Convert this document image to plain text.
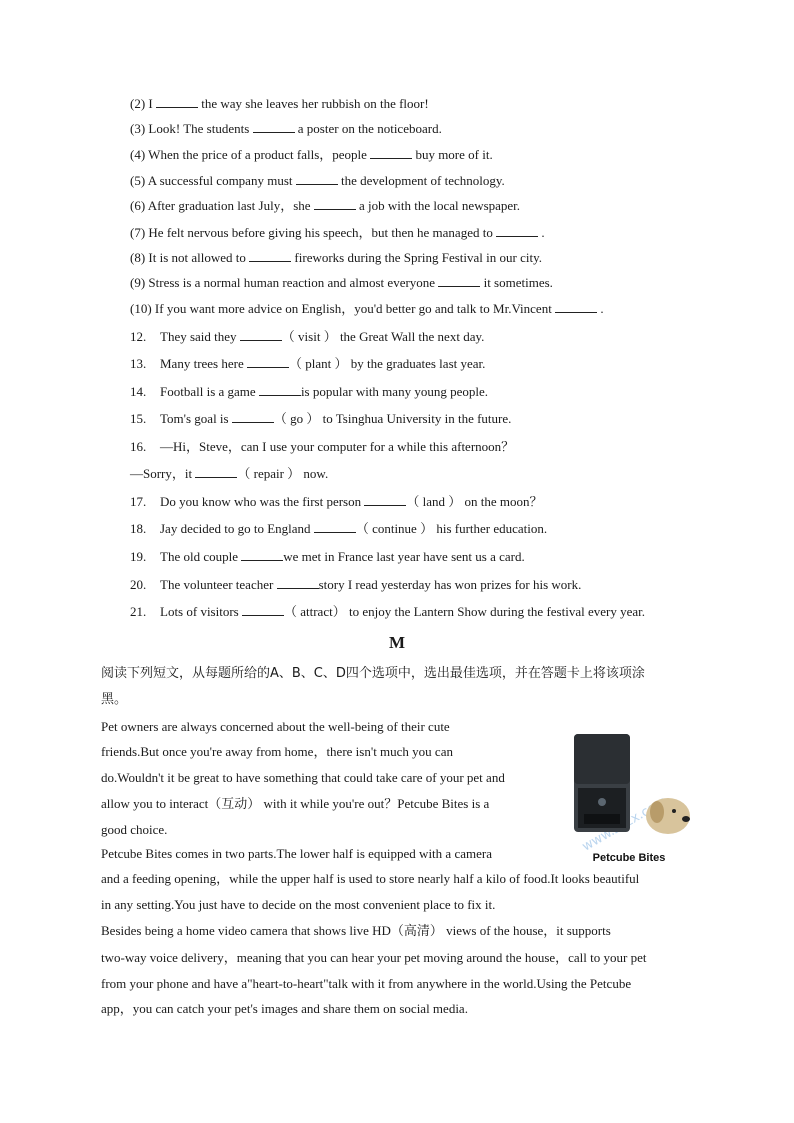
(2) I	the way she leaves her rubbish on the floor!
(3) Look! The students	a poster on the noticeboard.
(4) When the price of a product falls，people	buy more of it.
(5) A successful company must	the development of technology.
(6) After graduation last July，she	a job with the local newspaper.
(7) He felt nervous before giving his speech，but then he managed to	.
(8) It is not allowed to	fireworks during the Spring Festival in our city.
(9) Stress is a normal human reaction and almost everyone	it sometimes.
(10) If you want more advice on English，you'd better go and talk to Mr.Vincent	.
12. They said they	（ visit ） the Great Wall the next day.
13. Many trees here	（ plant ） by the graduates last year.
14. Football is a game	is popular with many young people.
15. Tom's goal is	（ go ） to Tsinghua University in the future.
16. —Hi，Steve，can I use your computer for a while this afternoon？
—Sorry，it	（ repair ） now.
17. Do you know who was the first person	（ land ） on the moon？
18. Jay decided to go to England	（ continue ） his further education.
19. The old couple	we met in France last year have sent us a card.
20. The volunteer teacher	story I read yesterday has won prizes for his work.
21. Lots of visitors	（ attract） to enjoy the Lantern Show during the festival every year.
M
阅读下列短文，从每题所给的A、B、C、D四个选项中，选出最佳选项，并在答题卡上将该项涂
黑。
Pet owners are always concerned about the well-being of their cute
friends.But once you're away from home，there isn't much you can
do.Wouldn't it be great to have something that could take care of your pet and
allow you to interact（互动） with it while you're out？Petcube Bites is a
good choice.
Petcube Bites comes in two parts.The lower half is equipped with a camera
and a feeding opening，while the upper half is used to store nearly half a kilo of food.It looks beautiful
in any setting.You just have to decide on the most convenient place to fix it.
Besides being a home video camera that shows live HD（高清） views of the house，it supports
two-way voice delivery，meaning that you can hear your pet moving around the house，call to your pet
from your phone and have a"heart-to-heart"talk with it from anywhere in the world.Using the Petcube
app，you can catch your pet's images and share them on social media.
Petcube Bites
